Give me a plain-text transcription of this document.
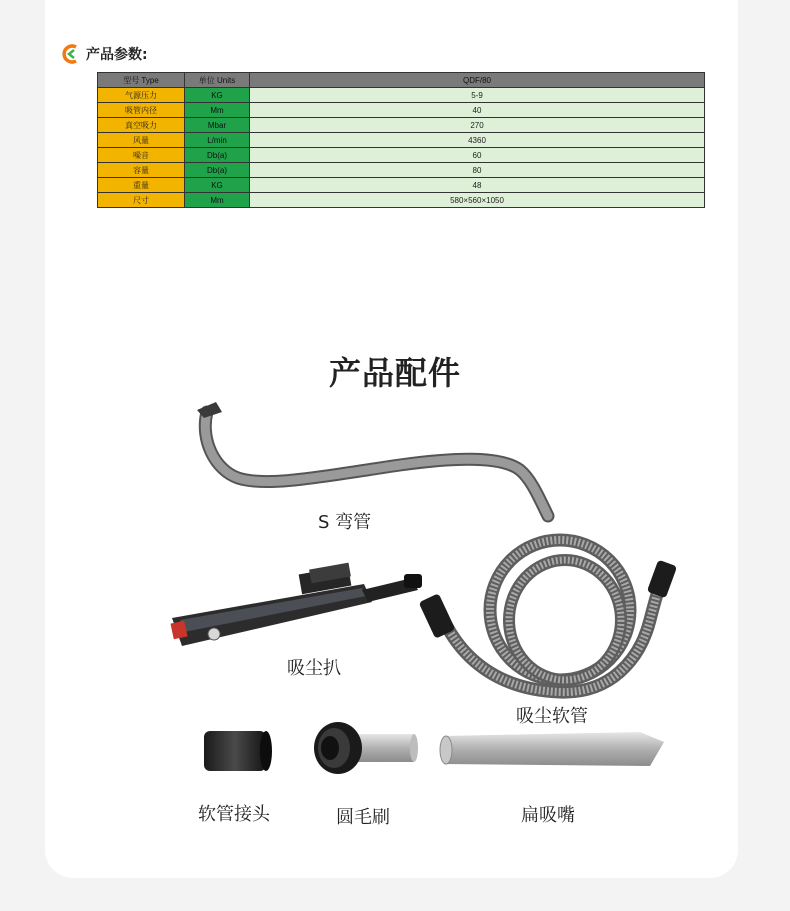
产品参数:
型号 Type	单位 Units	QDF/80
气源压力	KG	5-9
吸管内径	Mm	40
真空吸力	Mbar	270
风量	L/min	4360
噪音	Db(a)	60
容量	Db(a)	80
重量	KG	48
尺寸	Mm	580×560×1050
产品配件
S 弯管
吸尘扒
吸尘软管
软管接头	圆毛刷	扁吸嘴
